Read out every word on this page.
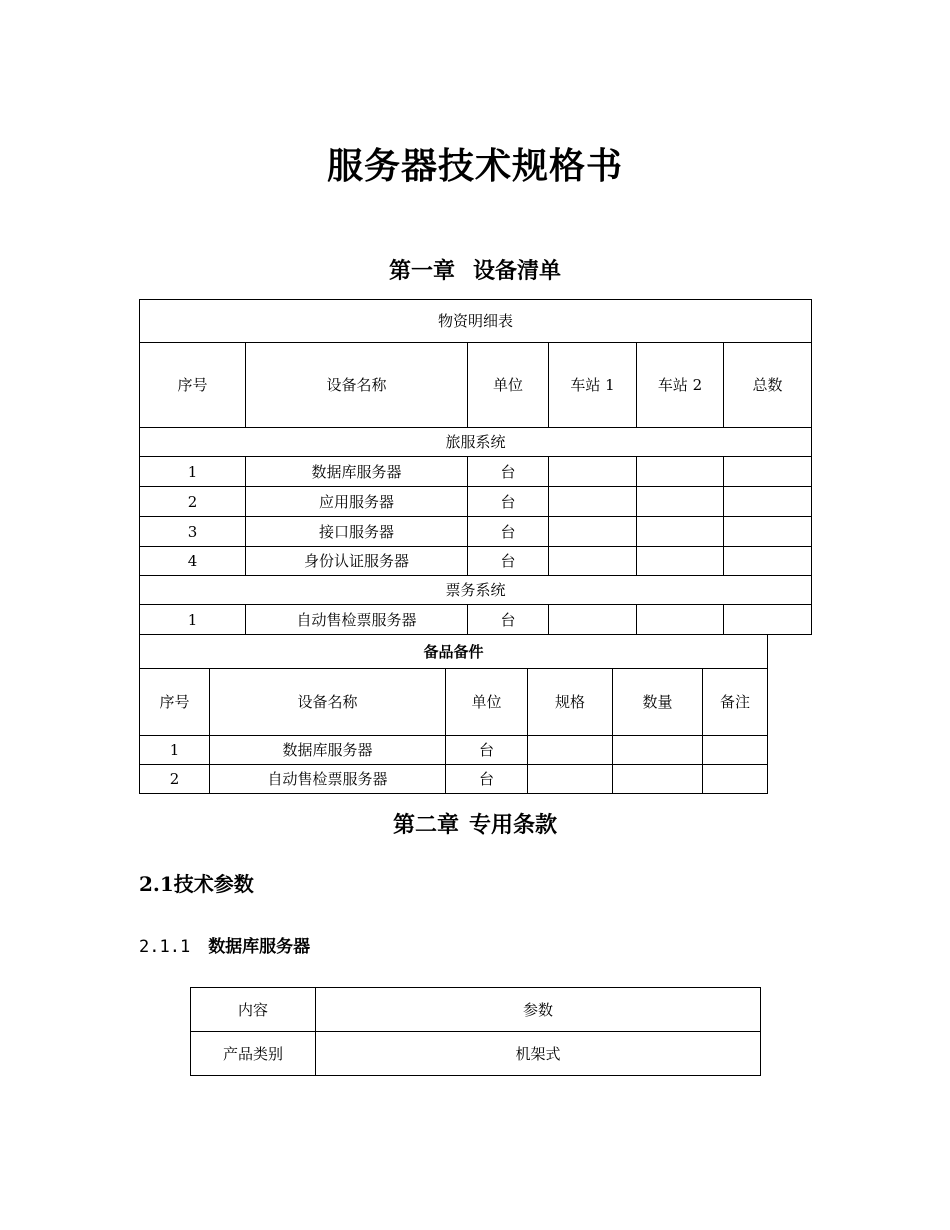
服务器技术规格书
第一章 设备清单
物资明细表					
序号	设备名称	单位	车站 1	车站 2	总数
旅服系统					
1	数据库服务器	台			
2	应用服务器	台			
3	接口服务器	台			
4	身份认证服务器	台			
票务系统					
1	自动售检票服务器	台			
备品备件					
序号	设备名称	单位	规格	数量	备注
1	数据库服务器	台			
2	自动售检票服务器	台			
第二章 专用条款
2.1技术参数
2.1.1 数据库服务器
内容	参数
产品类别	机架式
